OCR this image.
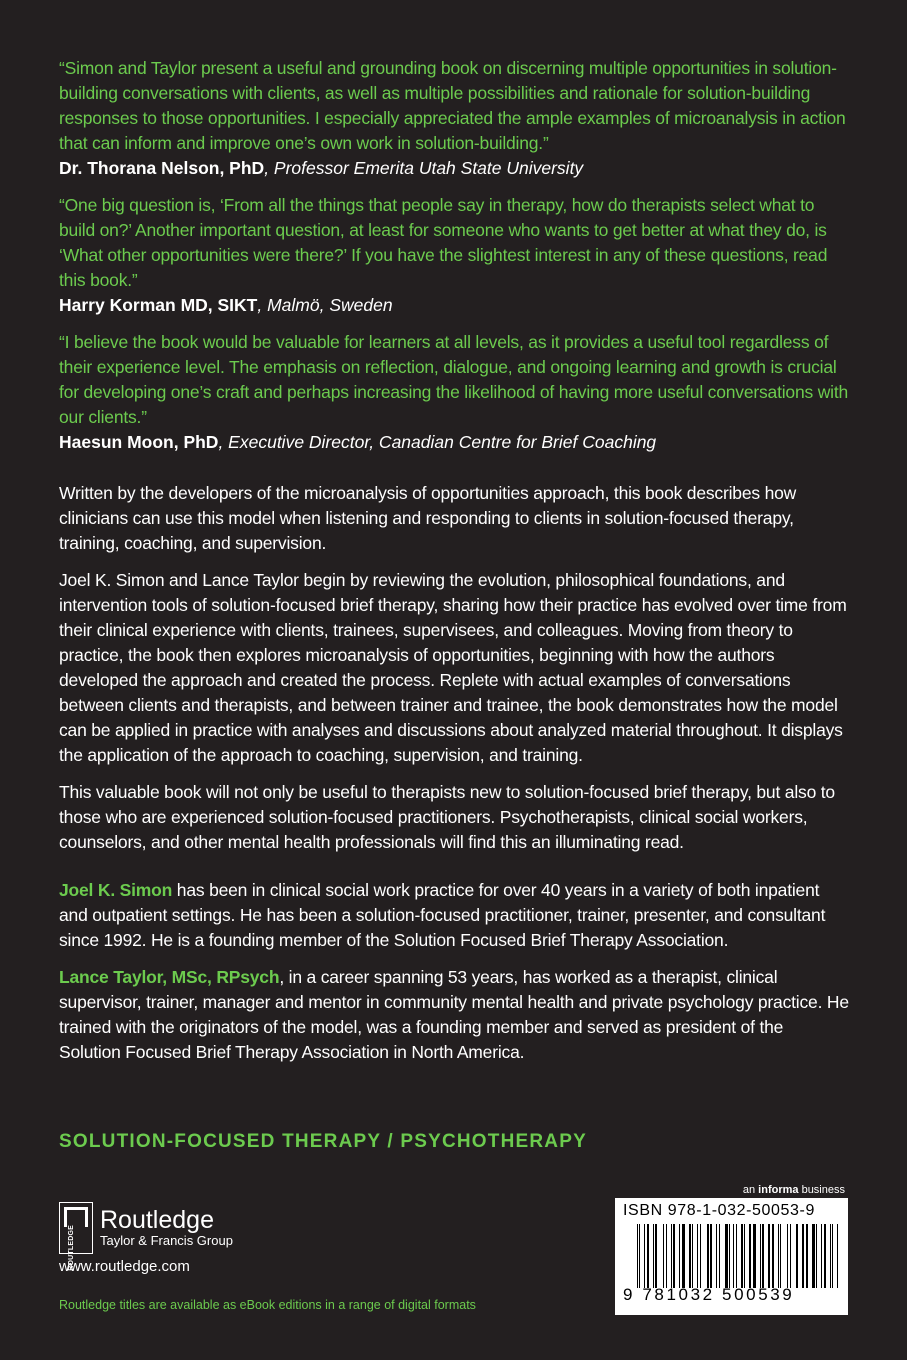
“Simon and Taylor present a useful and grounding book on discerning multiple opportunities in solution-building conversations with clients, as well as multiple possibilities and rationale for solution-building responses to those opportunities. I especially appreciated the ample examples of microanalysis in action that can inform and improve one’s own work in solution-building.”
Dr. Thorana Nelson, PhD, Professor Emerita Utah State University
“One big question is, ‘From all the things that people say in therapy, how do therapists select what to build on?’ Another important question, at least for someone who wants to get better at what they do, is ‘What other opportunities were there?’ If you have the slightest interest in any of these questions, read this book.”
Harry Korman MD, SIKT, Malmö, Sweden
“I believe the book would be valuable for learners at all levels, as it provides a useful tool regardless of their experience level. The emphasis on reflection, dialogue, and ongoing learning and growth is crucial for developing one’s craft and perhaps increasing the likelihood of having more useful conversations with our clients.”
Haesun Moon, PhD, Executive Director, Canadian Centre for Brief Coaching

Written by the developers of the microanalysis of opportunities approach, this book describes how clinicians can use this model when listening and responding to clients in solution-focused therapy, training, coaching, and supervision.

Joel K. Simon and Lance Taylor begin by reviewing the evolution, philosophical foundations, and intervention tools of solution-focused brief therapy, sharing how their practice has evolved over time from their clinical experience with clients, trainees, supervisees, and colleagues. Moving from theory to practice, the book then explores microanalysis of opportunities, beginning with how the authors developed the approach and created the process. Replete with actual examples of conversations between clients and therapists, and between trainer and trainee, the book demonstrates how the model can be applied in practice with analyses and discussions about analyzed material throughout. It displays the application of the approach to coaching, supervision, and training.

This valuable book will not only be useful to therapists new to solution-focused brief therapy, but also to those who are experienced solution-focused practitioners. Psychotherapists, clinical social workers, counselors, and other mental health professionals will find this an illuminating read.

Joel K. Simon has been in clinical social work practice for over 40 years in a variety of both inpatient and outpatient settings. He has been a solution-focused practitioner, trainer, presenter, and consultant since 1992. He is a founding member of the Solution Focused Brief Therapy Association.

Lance Taylor, MSc, RPsych, in a career spanning 53 years, has worked as a therapist, clinical supervisor, trainer, manager and mentor in community mental health and private psychology practice. He trained with the originators of the model, was a founding member and served as president of the Solution Focused Brief Therapy Association in North America.

SOLUTION-FOCUSED THERAPY / PSYCHOTHERAPY
ROUTLEDGE
Routledge
Taylor & Francis Group
www.routledge.com
Routledge titles are available as eBook editions in a range of digital formats
an informa business
ISBN 978-1-032-50053-9
9 781032 500539
